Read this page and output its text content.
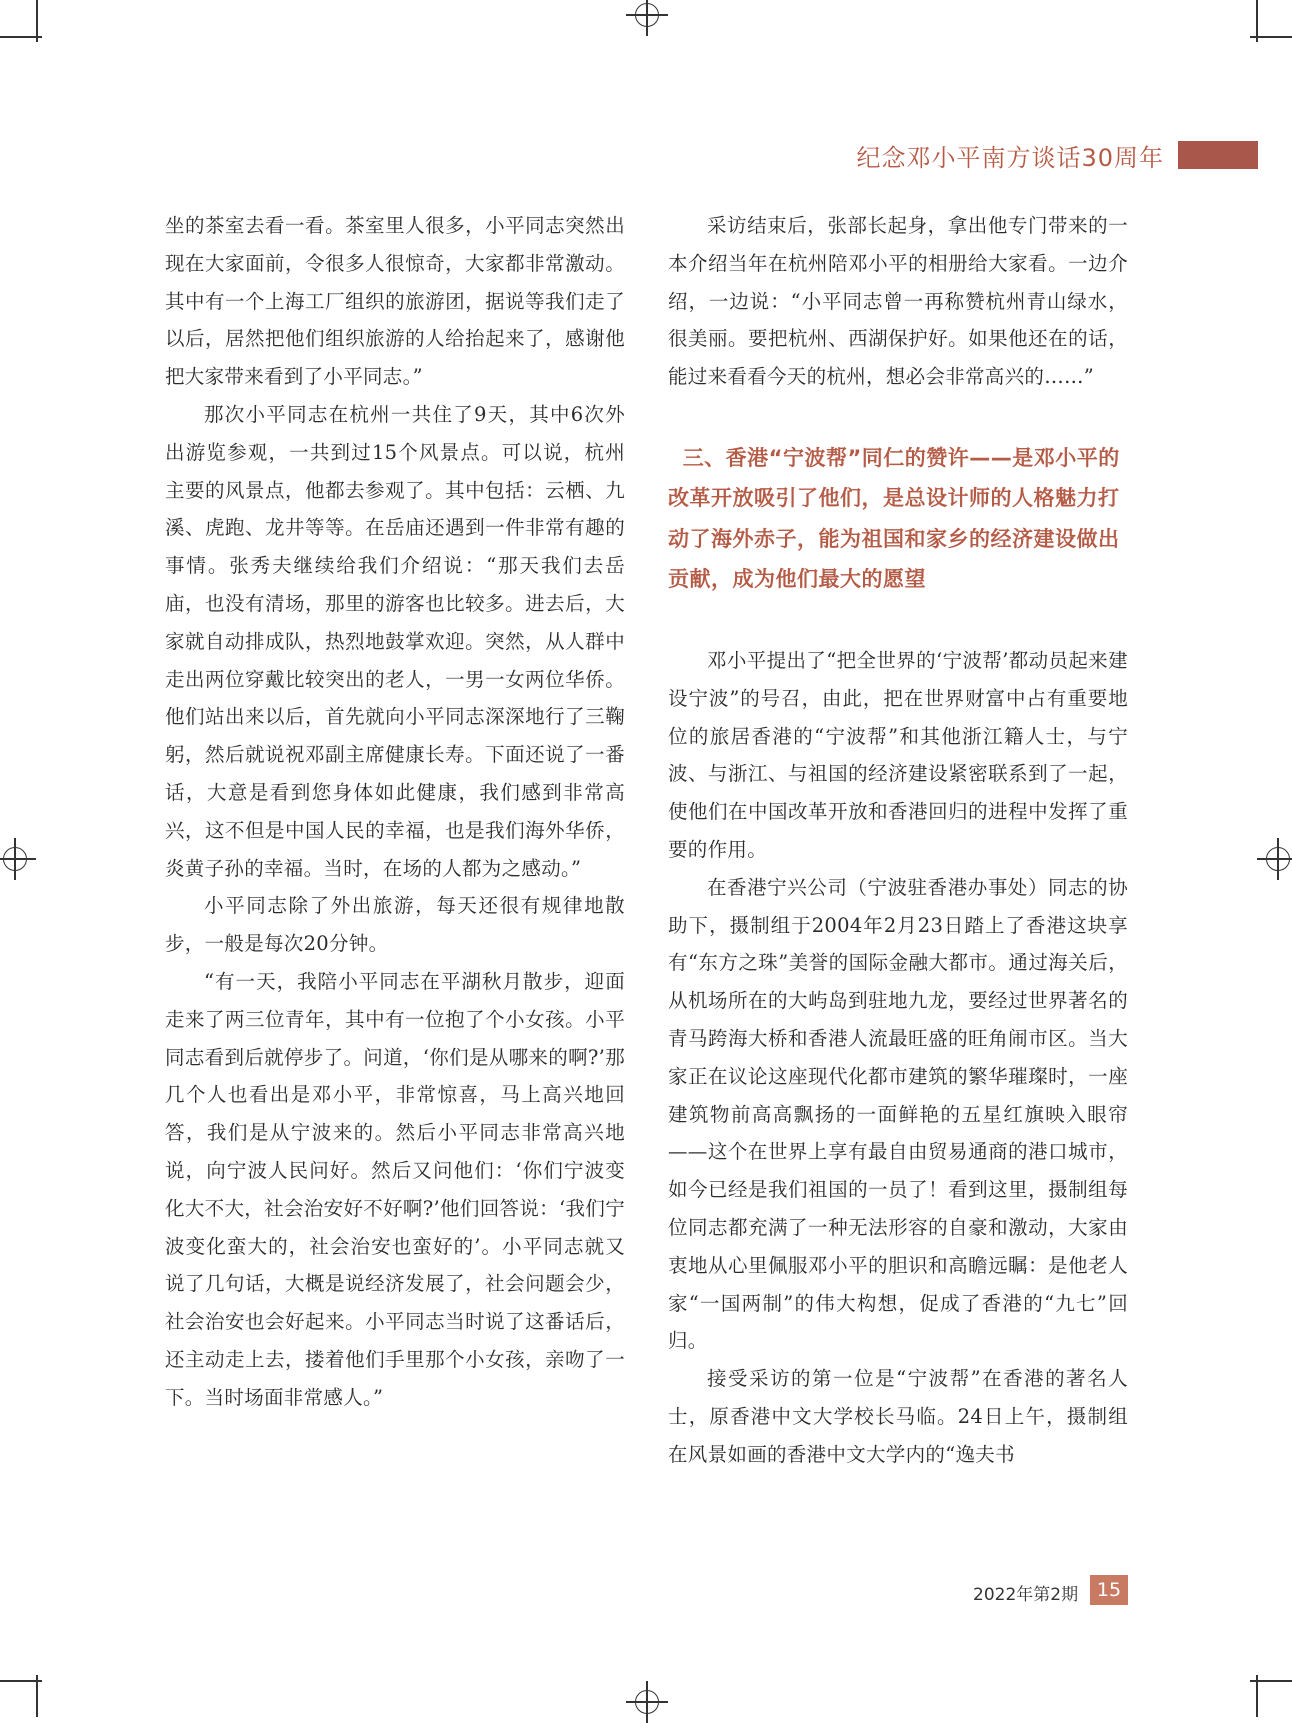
纪念邓小平南方谈话30周年

坐的茶室去看一看。茶室里人很多，小平同志突然出现在大家面前，令很多人很惊奇，大家都非常激动。其中有一个上海工厂组织的旅游团，据说等我们走了以后，居然把他们组织旅游的人给抬起来了，感谢他把大家带来看到了小平同志。”

那次小平同志在杭州一共住了9天，其中6次外出游览参观，一共到过15个风景点。可以说，杭州主要的风景点，他都去参观了。其中包括：云栖、九溪、虎跑、龙井等等。在岳庙还遇到一件非常有趣的事情。张秀夫继续给我们介绍说：“那天我们去岳庙，也没有清场，那里的游客也比较多。进去后，大家就自动排成队，热烈地鼓掌欢迎。突然，从人群中走出两位穿戴比较突出的老人，一男一女两位华侨。他们站出来以后，首先就向小平同志深深地行了三鞠躬，然后就说祝邓副主席健康长寿。下面还说了一番话，大意是看到您身体如此健康，我们感到非常高兴，这不但是中国人民的幸福，也是我们海外华侨，炎黄子孙的幸福。当时，在场的人都为之感动。”

小平同志除了外出旅游，每天还很有规律地散步，一般是每次20分钟。

“有一天，我陪小平同志在平湖秋月散步，迎面走来了两三位青年，其中有一位抱了个小女孩。小平同志看到后就停步了。问道，‘你们是从哪来的啊?’那几个人也看出是邓小平，非常惊喜，马上高兴地回答，我们是从宁波来的。然后小平同志非常高兴地说，向宁波人民问好。然后又问他们：‘你们宁波变化大不大，社会治安好不好啊?’他们回答说：‘我们宁波变化蛮大的，社会治安也蛮好的’。小平同志就又说了几句话，大概是说经济发展了，社会问题会少，社会治安也会好起来。小平同志当时说了这番话后，还主动走上去，搂着他们手里那个小女孩，亲吻了一下。当时场面非常感人。”

采访结束后，张部长起身，拿出他专门带来的一本介绍当年在杭州陪邓小平的相册给大家看。一边介绍，一边说：“小平同志曾一再称赞杭州青山绿水，很美丽。要把杭州、西湖保护好。如果他还在的话，能过来看看今天的杭州，想必会非常高兴的……”

三、香港“宁波帮”同仁的赞许——是邓小平的改革开放吸引了他们，是总设计师的人格魅力打动了海外赤子，能为祖国和家乡的经济建设做出贡献，成为他们最大的愿望

邓小平提出了“把全世界的‘宁波帮’都动员起来建设宁波”的号召，由此，把在世界财富中占有重要地位的旅居香港的“宁波帮”和其他浙江籍人士，与宁波、与浙江、与祖国的经济建设紧密联系到了一起，使他们在中国改革开放和香港回归的进程中发挥了重要的作用。

在香港宁兴公司（宁波驻香港办事处）同志的协助下，摄制组于2004年2月23日踏上了香港这块享有“东方之珠”美誉的国际金融大都市。通过海关后，从机场所在的大屿岛到驻地九龙，要经过世界著名的青马跨海大桥和香港人流最旺盛的旺角闹市区。当大家正在议论这座现代化都市建筑的繁华璀璨时，一座建筑物前高高飘扬的一面鲜艳的五星红旗映入眼帘——这个在世界上享有最自由贸易通商的港口城市，如今已经是我们祖国的一员了！看到这里，摄制组每位同志都充满了一种无法形容的自豪和激动，大家由衷地从心里佩服邓小平的胆识和高瞻远瞩：是他老人家“一国两制”的伟大构想，促成了香港的“九七”回归。

接受采访的第一位是“宁波帮”在香港的著名人士，原香港中文大学校长马临。24日上午，摄制组在风景如画的香港中文大学内的“逸夫书

2022年第2期 15
